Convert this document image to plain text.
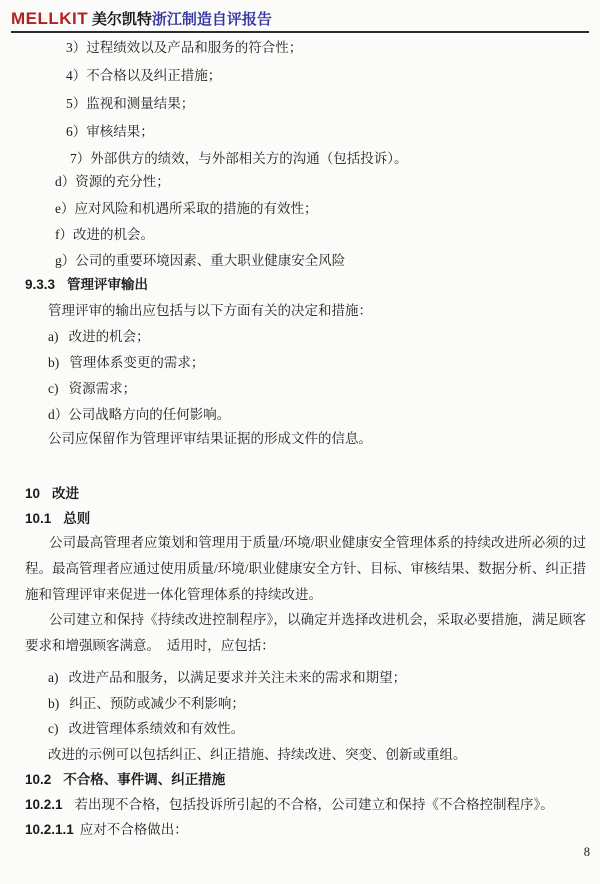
MELLKIT 美尔凯特浙江制造自评报告
3）过程绩效以及产品和服务的符合性；
4）不合格以及纠正措施；
5）监视和测量结果；
6）审核结果；
7）外部供方的绩效，与外部相关方的沟通（包括投诉）。
d）资源的充分性；
e）应对风险和机遇所采取的措施的有效性；
f）改进的机会。
g）公司的重要环境因素、重大职业健康安全风险
9.3.3 管理评审输出
管理评审的输出应包括与以下方面有关的决定和措施：
a)   改进的机会；
b)   管理体系变更的需求；
c)   资源需求；
d）公司战略方向的任何影响。
公司应保留作为管理评审结果证据的形成文件的信息。
10 改进
10.1 总则
公司最高管理者应策划和管理用于质量/环境/职业健康安全管理体系的持续改进所必须的过程。最高管理者应通过使用质量/环境/职业健康安全方针、目标、审核结果、数据分析、纠正措施和管理评审来促进一体化管理体系的持续改进。
公司建立和保持《持续改进控制程序》，以确定并选择改进机会，采取必要措施，满足顾客要求和增强顾客满意。  适用时，应包括：
a)   改进产品和服务，以满足要求并关注未来的需求和期望；
b)   纠正、预防或减少不利影响；
c)   改进管理体系绩效和有效性。
改进的示例可以包括纠正、纠正措施、持续改进、突变、创新或重组。
10.2 不合格、事件调、纠正措施
10.2.1 若出现不合格，包括投诉所引起的不合格，公司建立和保持《不合格控制程序》。
10.2.1.1 应对不合格做出：
8
